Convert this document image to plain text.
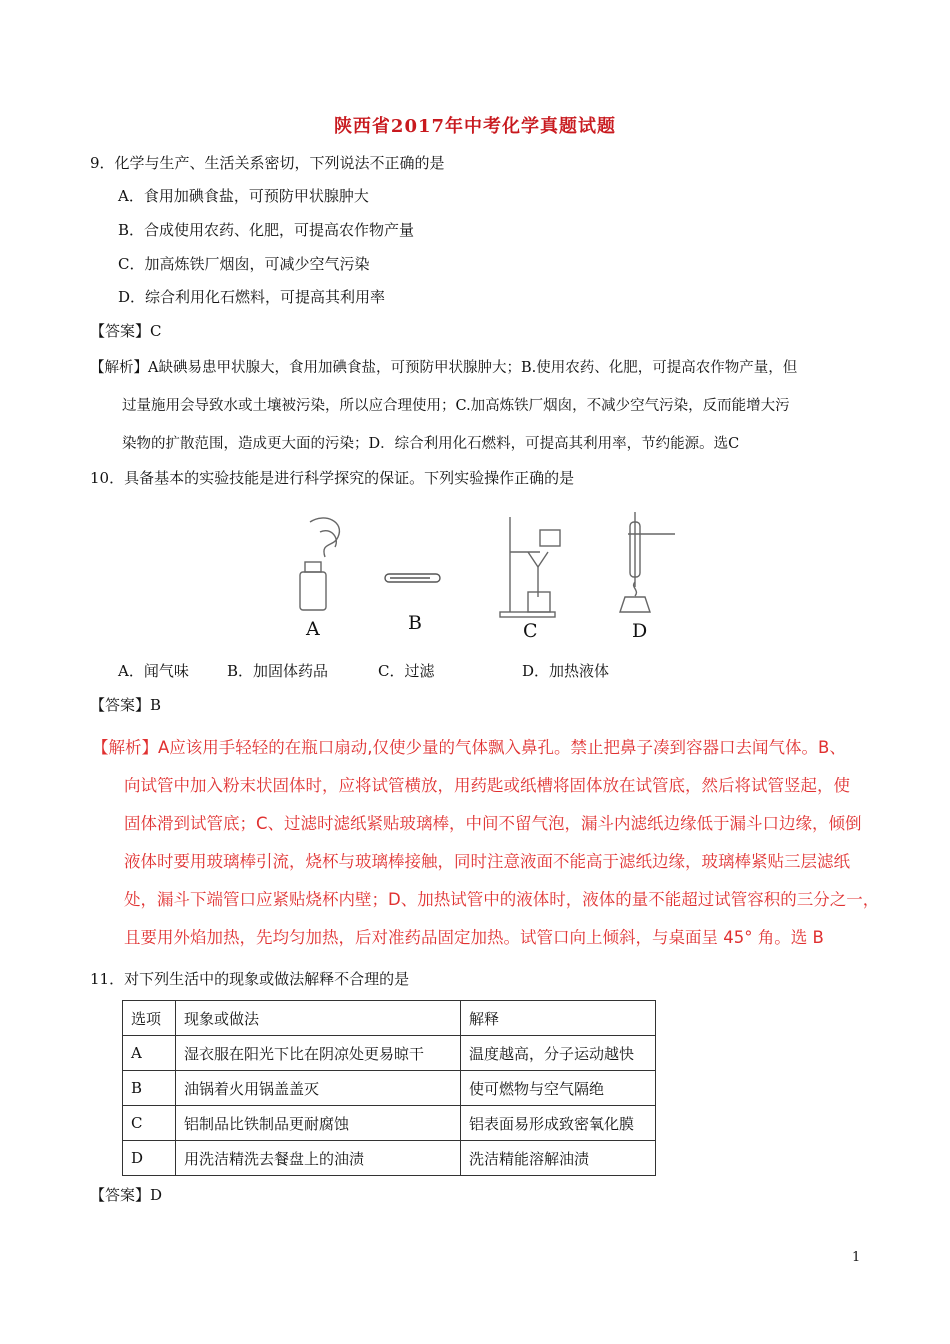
陕西省2017年中考化学真题试题
9．化学与生产、生活关系密切，下列说法不正确的是
A．食用加碘食盐，可预防甲状腺肿大
B．合成使用农药、化肥，可提高农作物产量
C．加高炼铁厂烟囱，可减少空气污染
D．综合利用化石燃料，可提高其利用率
【答案】C
【解析】A缺碘易患甲状腺大，食用加碘食盐，可预防甲状腺肿大；B.使用农药、化肥，可提高农作物产量，但
过量施用会导致水或土壤被污染，所以应合理使用；C.加高炼铁厂烟囱，不减少空气污染，反而能增大污
染物的扩散范围，造成更大面的污染；D．综合利用化石燃料，可提高其利用率，节约能源。选C
10．具备基本的实验技能是进行科学探究的保证。下列实验操作正确的是
A	B	C	D
A．闻气味	B．加固体药品	C．过滤	D．加热液体
【答案】B
【解析】A应该用手轻轻的在瓶口扇动,仅使少量的气体飘入鼻孔。禁止把鼻子凑到容器口去闻气体。B、
向试管中加入粉末状固体时，应将试管横放，用药匙或纸槽将固体放在试管底，然后将试管竖起，使
固体滑到试管底；C、过滤时滤纸紧贴玻璃棒，中间不留气泡，漏斗内滤纸边缘低于漏斗口边缘，倾倒
液体时要用玻璃棒引流，烧杯与玻璃棒接触，同时注意液面不能高于滤纸边缘，玻璃棒紧贴三层滤纸
处，漏斗下端管口应紧贴烧杯内壁；D、加热试管中的液体时，液体的量不能超过试管容积的三分之一，
且要用外焰加热，先均匀加热，后对准药品固定加热。试管口向上倾斜，与桌面呈 45° 角。选 B
11．对下列生活中的现象或做法解释不合理的是
选项	现象或做法	解释
A	湿衣服在阳光下比在阴凉处更易晾干	温度越高，分子运动越快
B	油锅着火用锅盖盖灭	使可燃物与空气隔绝
C	铝制品比铁制品更耐腐蚀	铝表面易形成致密氧化膜
D	用洗洁精洗去餐盘上的油渍	洗洁精能溶解油渍
【答案】D
1
